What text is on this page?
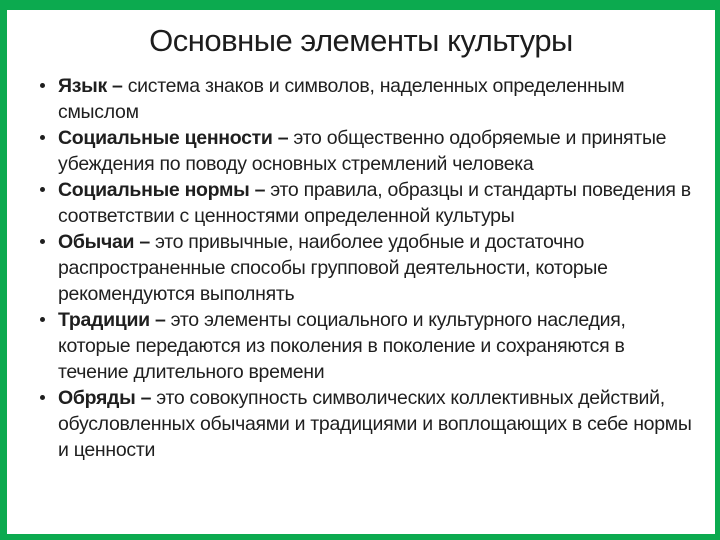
Основные элементы культуры
Язык – система знаков и символов, наделенных определенным смыслом
Социальные ценности – это общественно одобряемые и принятые убеждения по поводу основных стремлений человека
Социальные нормы – это правила, образцы и стандарты поведения в соответствии с ценностями определенной культуры
Обычаи – это привычные, наиболее удобные и достаточно распространенные способы групповой деятельности, которые рекомендуются выполнять
Традиции – это элементы социального и культурного наследия, которые передаются из поколения в поколение и сохраняются в течение длительного времени
Обряды – это совокупность символических коллективных действий, обусловленных обычаями и традициями и воплощающих в себе нормы и ценности
